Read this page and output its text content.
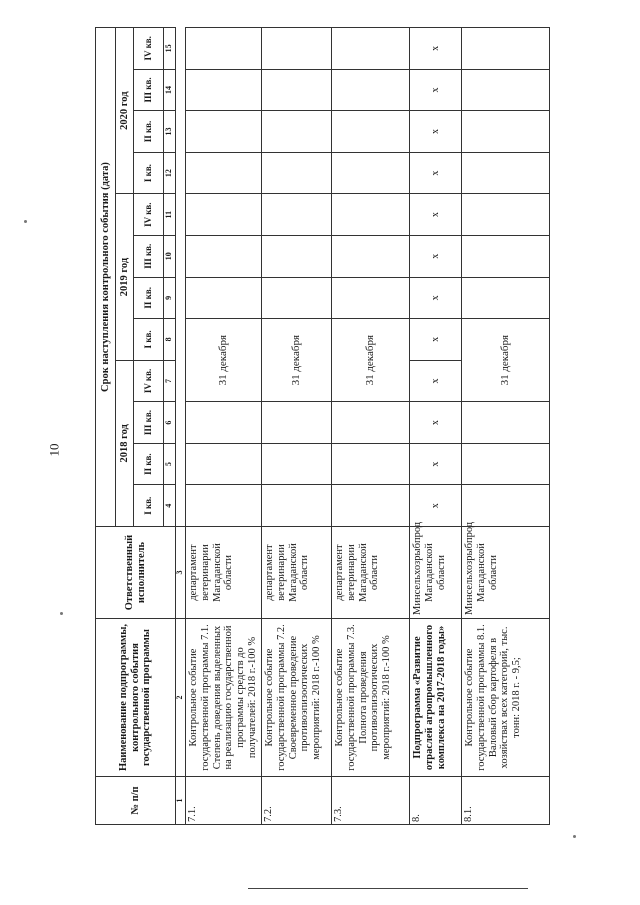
10
№ п/п	Наименование подпрограммы, контрольного события государственной программы	Ответственный исполнитель	Срок наступления контрольного события (дата)											
			2018 год				2019 год				2020 год			
			I кв.	II кв.	III кв.	IV кв.	I кв.	II кв.	III кв.	IV кв.	I кв.	II кв.	III кв.	IV кв.
			4	5	6	7	8	9	10	11	12	13	14	15
1	2	3												
7.1.	Контрольное событие государственной программы 7.1. Степень доведения выделенных на реализацию государственной программы средств до получателей: 2018 г.-100 %	департамент ветеринарии Магаданской области				31 декабря								
7.2.	Контрольное событие государственной программы 7.2. Своевременное проведение противоэпизоотических мероприятий: 2018 г.-100 %	департамент ветеринарии Магаданской области				31 декабря								
7.3.	Контрольное событие государственной программы 7.3. Полнота проведения противоэпизоотических мероприятий: 2018 г.-100 %	департамент ветеринарии Магаданской области				31 декабря								
8.	Подпрограмма «Развитие отраслей агропромышленного комплекса на 2017-2018 годы»	Минсельхозрыбпрод Магаданской области	х	х	х	х	х	х	х	х	х	х	х	х
8.1.	Контрольное событие государственной программы 8.1. Валовый сбор картофеля в хозяйствах всех категорий, тыс. тонн: 2018 г. - 9,5;	Минсельхозрыбпрод Магаданской области				31 декабря								
